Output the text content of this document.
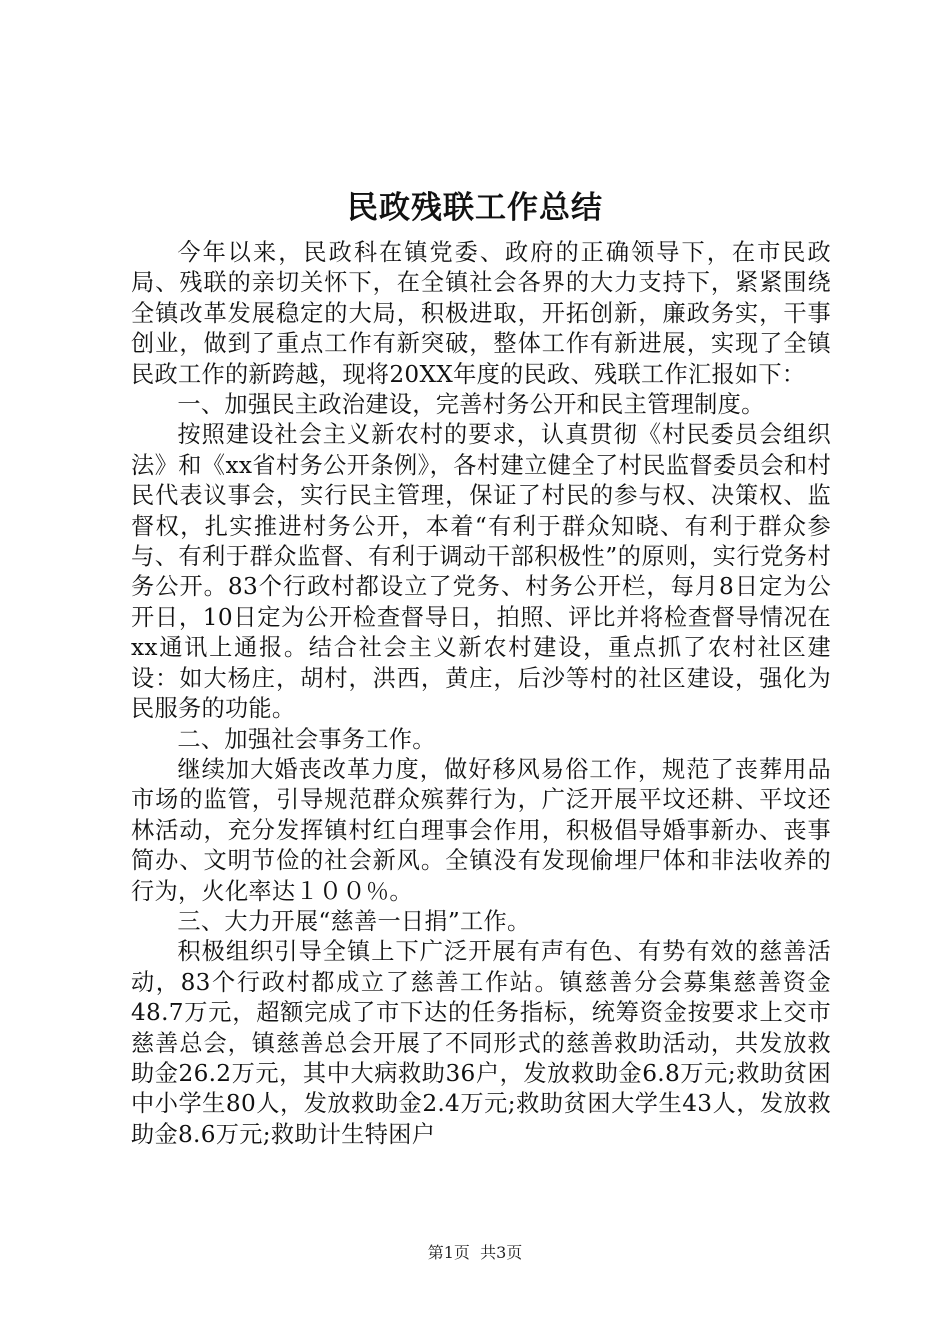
民政残联工作总结

今年以来，民政科在镇党委、政府的正确领导下，在市民政局、残联的亲切关怀下，在全镇社会各界的大力支持下，紧紧围绕全镇改革发展稳定的大局，积极进取，开拓创新，廉政务实，干事创业，做到了重点工作有新突破，整体工作有新进展，实现了全镇民政工作的新跨越，现将20XX年度的民政、残联工作汇报如下：

一、加强民主政治建设，完善村务公开和民主管理制度。

按照建设社会主义新农村的要求，认真贯彻《村民委员会组织法》和《xx省村务公开条例》，各村建立健全了村民监督委员会和村民代表议事会，实行民主管理，保证了村民的参与权、决策权、监督权，扎实推进村务公开，本着“有利于群众知晓、有利于群众参与、有利于群众监督、有利于调动干部积极性”的原则，实行党务村务公开。83个行政村都设立了党务、村务公开栏，每月8日定为公开日，10日定为公开检查督导日，拍照、评比并将检查督导情况在xx通讯上通报。结合社会主义新农村建设，重点抓了农村社区建设：如大杨庄，胡村，洪西，黄庄，后沙等村的社区建设，强化为民服务的功能。

二、加强社会事务工作。

继续加大婚丧改革力度，做好移风易俗工作，规范了丧葬用品市场的监管，引导规范群众殡葬行为，广泛开展平坟还耕、平坟还林活动，充分发挥镇村红白理事会作用，积极倡导婚事新办、丧事简办、文明节俭的社会新风。全镇没有发现偷埋尸体和非法收养的行为，火化率达１００％。

三、大力开展“慈善一日捐”工作。

积极组织引导全镇上下广泛开展有声有色、有势有效的慈善活动，83个行政村都成立了慈善工作站。镇慈善分会募集慈善资金48.7万元，超额完成了市下达的任务指标，统筹资金按要求上交市慈善总会，镇慈善总会开展了不同形式的慈善救助活动，共发放救助金26.2万元，其中大病救助36户，发放救助金6.8万元;救助贫困中小学生80人，发放救助金2.4万元;救助贫困大学生43人，发放救助金8.6万元;救助计生特困户

第1页  共3页
